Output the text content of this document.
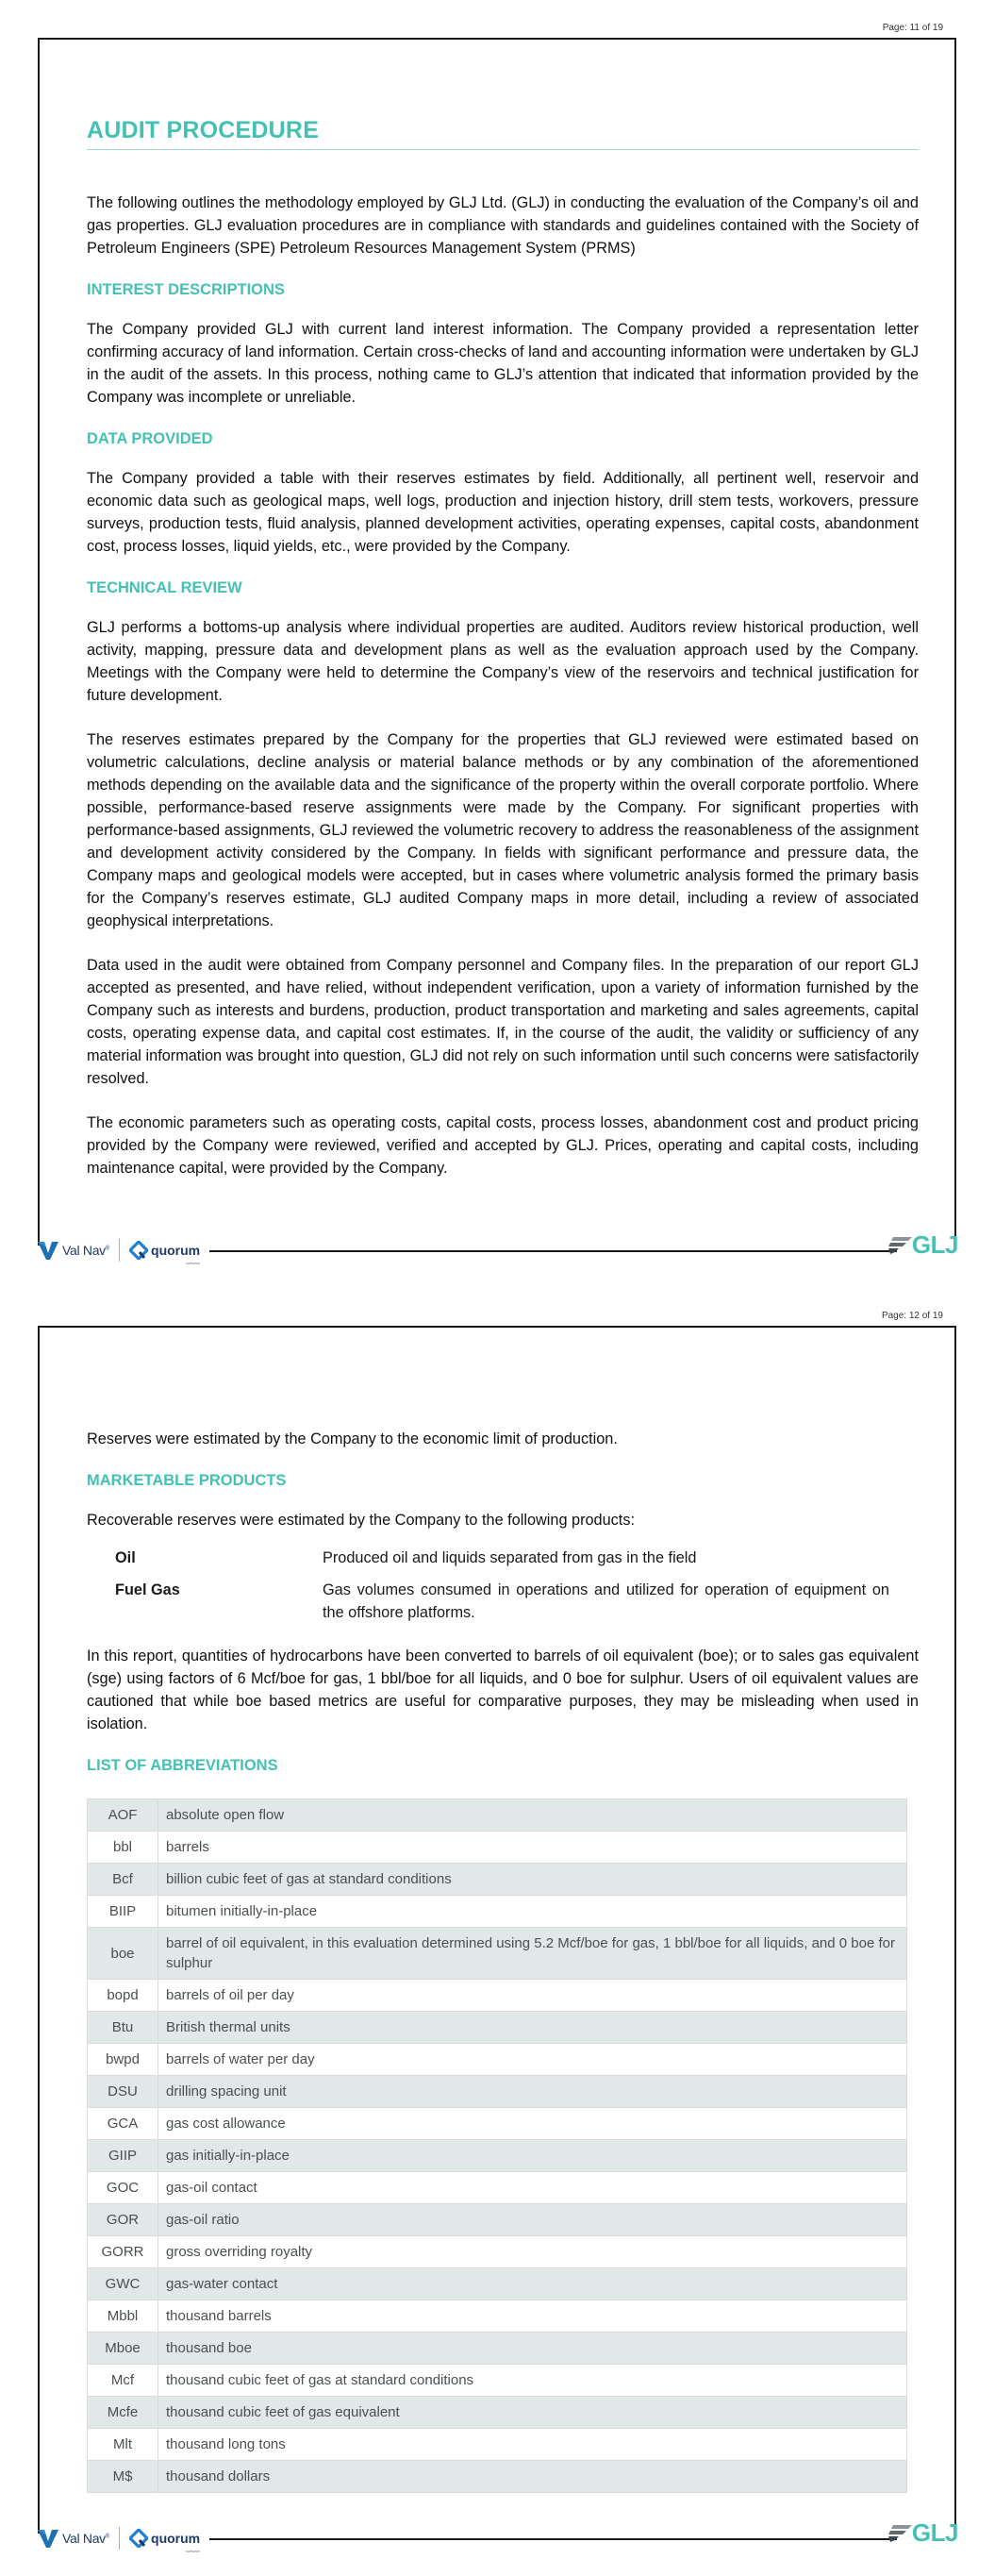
Page: 11 of 19
AUDIT PROCEDURE

The following outlines the methodology employed by GLJ Ltd. (GLJ) in conducting the evaluation of the Company’s oil and gas properties. GLJ evaluation procedures are in compliance with standards and guidelines contained with the Society of Petroleum Engineers (SPE) Petroleum Resources Management System (PRMS)

INTEREST DESCRIPTIONS

The Company provided GLJ with current land interest information. The Company provided a representation letter confirming accuracy of land information. Certain cross-checks of land and accounting information were undertaken by GLJ in the audit of the assets. In this process, nothing came to GLJ’s attention that indicated that information provided by the Company was incomplete or unreliable.

DATA PROVIDED

The Company provided a table with their reserves estimates by field. Additionally, all pertinent well, reservoir and economic data such as geological maps, well logs, production and injection history, drill stem tests, workovers, pressure surveys, production tests, fluid analysis, planned development activities, operating expenses, capital costs, abandonment cost, process losses, liquid yields, etc., were provided by the Company.

TECHNICAL REVIEW

GLJ performs a bottoms-up analysis where individual properties are audited. Auditors review historical production, well activity, mapping, pressure data and development plans as well as the evaluation approach used by the Company. Meetings with the Company were held to determine the Company’s view of the reservoirs and technical justification for future development.

The reserves estimates prepared by the Company for the properties that GLJ reviewed were estimated based on volumetric calculations, decline analysis or material balance methods or by any combination of the aforementioned methods depending on the available data and the significance of the property within the overall corporate portfolio. Where possible, performance-based reserve assignments were made by the Company. For significant properties with performance-based assignments, GLJ reviewed the volumetric recovery to address the reasonableness of the assignment and development activity considered by the Company. In fields with significant performance and pressure data, the Company maps and geological models were accepted, but in cases where volumetric analysis formed the primary basis for the Company’s reserves estimate, GLJ audited Company maps in more detail, including a review of associated geophysical interpretations.

Data used in the audit were obtained from Company personnel and Company files. In the preparation of our report GLJ accepted as presented, and have relied, without independent verification, upon a variety of information furnished by the Company such as interests and burdens, production, product transportation and marketing and sales agreements, capital costs, operating expense data, and capital cost estimates. If, in the course of the audit, the validity or sufficiency of any material information was brought into question, GLJ did not rely on such information until such concerns were satisfactorily resolved.

The economic parameters such as operating costs, capital costs, process losses, abandonment cost and product pricing provided by the Company were reviewed, verified and accepted by GLJ. Prices, operating and capital costs, including maintenance capital, were provided by the Company.

Val Nav®	quorum
software
GLJ
Page: 12 of 19

Reserves were estimated by the Company to the economic limit of production.

MARKETABLE PRODUCTS

Recoverable reserves were estimated by the Company to the following products:

Oil	Produced oil and liquids separated from gas in the field
Fuel Gas	Gas volumes consumed in operations and utilized for operation of equipment on the offshore platforms.

In this report, quantities of hydrocarbons have been converted to barrels of oil equivalent (boe); or to sales gas equivalent (sge) using factors of 6 Mcf/boe for gas, 1 bbl/boe for all liquids, and 0 boe for sulphur. Users of oil equivalent values are cautioned that while boe based metrics are useful for comparative purposes, they may be misleading when used in isolation.

LIST OF ABBREVIATIONS
AOF	absolute open flow
bbl	barrels
Bcf	billion cubic feet of gas at standard conditions
BIIP	bitumen initially-in-place
boe	barrel of oil equivalent, in this evaluation determined using 5.2 Mcf/boe for gas, 1 bbl/boe for all liquids, and 0 boe for sulphur
bopd	barrels of oil per day
Btu	British thermal units
bwpd	barrels of water per day
DSU	drilling spacing unit
GCA	gas cost allowance
GIIP	gas initially-in-place
GOC	gas-oil contact
GOR	gas-oil ratio
GORR	gross overriding royalty
GWC	gas-water contact
Mbbl	thousand barrels
Mboe	thousand boe
Mcf	thousand cubic feet of gas at standard conditions
Mcfe	thousand cubic feet of gas equivalent
Mlt	thousand long tons
M$	thousand dollars
Val Nav®	quorum
software
GLJ
